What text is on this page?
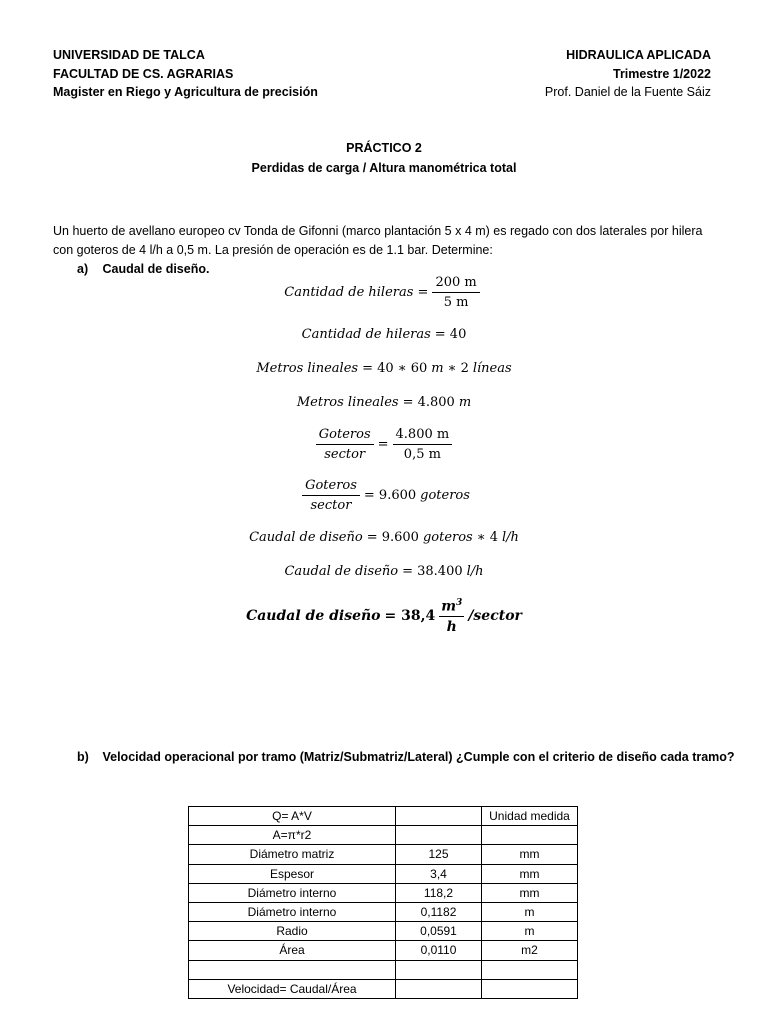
UNIVERSIDAD DE TALCA
FACULTAD DE CS. AGRARIAS
Magister en Riego y Agricultura de precisión
HIDRAULICA APLICADA
Trimestre 1/2022
Prof. Daniel de la Fuente Sáiz
PRÁCTICO 2
Perdidas de carga / Altura manométrica total
Un huerto de avellano europeo cv Tonda de Gifonni (marco plantación 5 x 4 m) es regado con dos laterales por hilera con goteros de 4 l/h a 0,5 m. La presión de operación es de 1.1 bar. Determine:
a) Caudal de diseño.
Cantidad de hileras = $\frac{200 m}{5 m}$
Cantidad de hileras = 40
Metros lineales = 40 ∗ 60 m ∗ 2 líneas
Metros lineales = 4.800 m
$\frac{\text{Goteros}}{\text{sector}} = \frac{4.800 m}{0,5 m}$
$\frac{\text{Goteros}}{\text{sector}} = 9.600$ goteros
Caudal de diseño = 9.600 goteros ∗ 4 l/h
Caudal de diseño = 38.400 l/h
Caudal de diseño = $38,4 \frac{m^3}{h}$ /sector
b) Velocidad operacional por tramo (Matriz/Submatriz/Lateral) ¿Cumple con el criterio de diseño cada tramo?
Q= A*V		Unidad medida
A=π*r2		
Diámetro matriz	125	mm
Espesor	3,4	mm
Diámetro interno	118,2	mm
Diámetro interno	0,1182	m
Radio	0,0591	m
Área	0,0110	m2

Velocidad= Caudal/Área		
